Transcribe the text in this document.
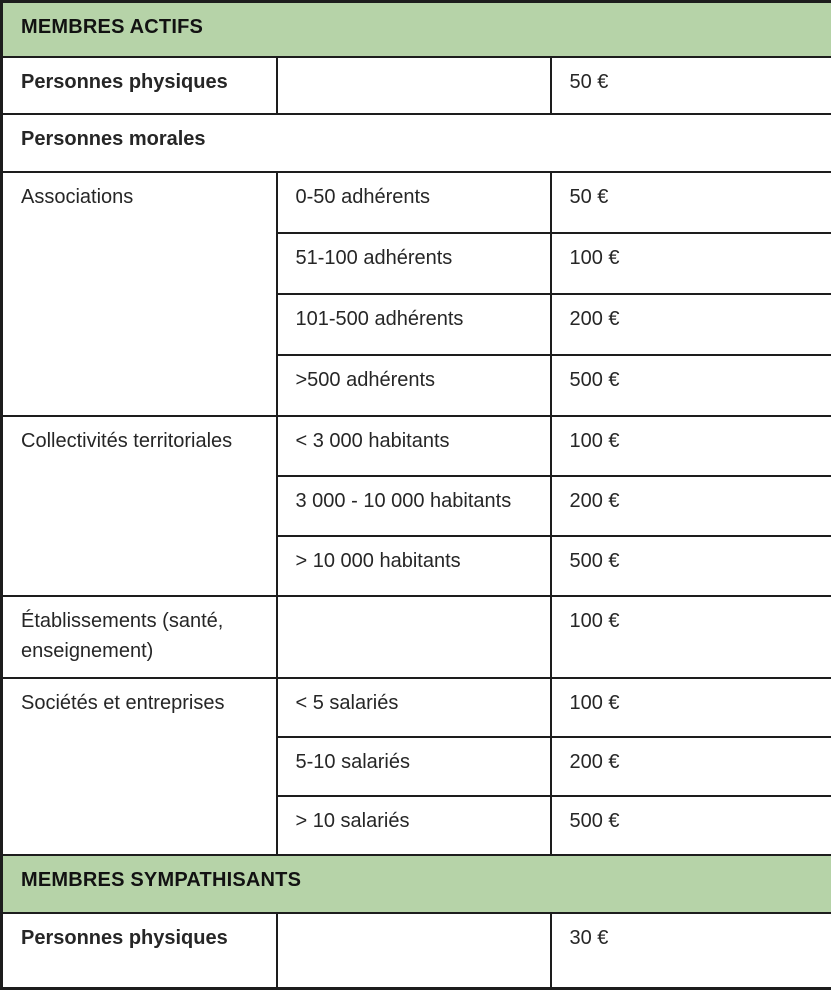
MEMBRES ACTIFS		
Personnes physiques		50 €
Personnes morales		
Associations	0-50 adhérents	50 €
	51-100 adhérents	100 €
	101-500 adhérents	200 €
	>500 adhérents	500 €
Collectivités territoriales	< 3 000 habitants	100 €
	3 000 - 10 000 habitants	200 €
	> 10 000 habitants	500 €
Établissements (santé, enseignement)		100 €
Sociétés et entreprises	< 5 salariés	100 €
	5-10 salariés	200 €
	> 10 salariés	500 €
MEMBRES SYMPATHISANTS		
Personnes physiques		30 €
